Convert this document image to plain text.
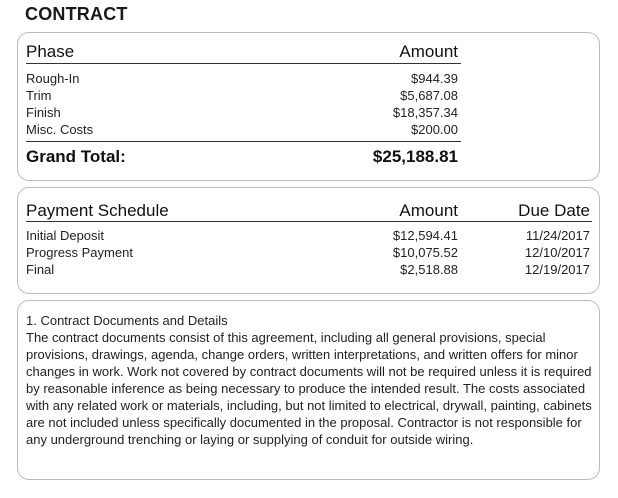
CONTRACT
Phase	Amount
Rough-In	$944.39
Trim	$5,687.08
Finish	$18,357.34
Misc. Costs	$200.00
Grand Total:	$25,188.81
Payment Schedule	Amount	Due Date
Initial Deposit	$12,594.41	11/24/2017
Progress Payment	$10,075.52	12/10/2017
Final	$2,518.88	12/19/2017

1. Contract Documents and Details

The contract documents consist of this agreement, including all general provisions, special provisions, drawings, agenda, change orders, written interpretations, and written offers for minor changes in work. Work not covered by contract documents will not be required unless it is required by reasonable inference as being necessary to produce the intended result. The costs associated with any related work or materials, including, but not limited to electrical, drywall, painting, cabinets are not included unless specifically documented in the proposal. Contractor is not responsible for any underground trenching or laying or supplying of conduit for outside wiring.
